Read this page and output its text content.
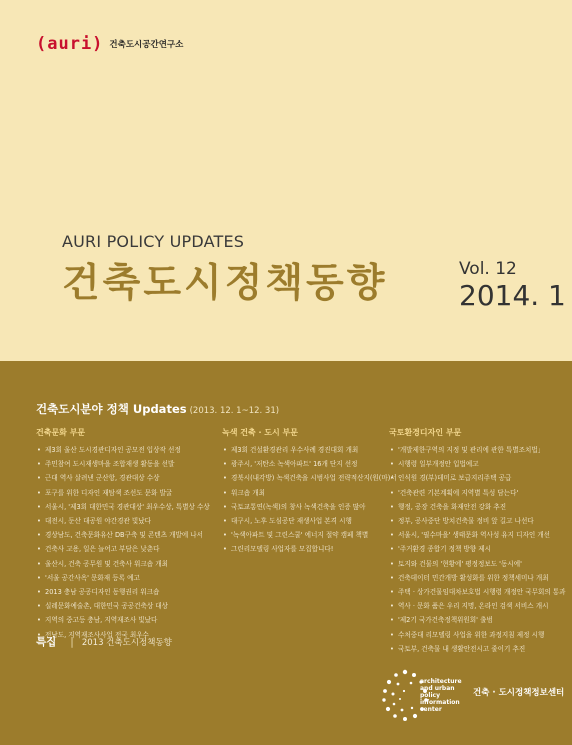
(auri) 건축도시공간연구소
AURI POLICY UPDATES
건축도시정책동향	Vol. 12
2014. 1
건축도시분야 정책 Updates (2013. 12. 1~12. 31)
건축문화 부문
• 제3회 울산 도시경관디자인 공모전 입상작 선정
• 주민참여 도시재생마을 조합재생 활동을 선발
• 근대 역사 살려낸 군산항, 경관대상 수상
• 포구를 위한 디자인 재탐색 조선도 문화 발굴
• 서울시, '제3회 대한민국 경관대상' 최우수상, 특별상 수상
• 대전시, 둔산 대공원 야간경관 빛났다
• 경상남도, 건축문화유산 DB구축 및 콘텐츠 개발에 나서
• 건축사 고용, 일은 늘어고 부담은 낮춘다
• 울산시, 건축 공무원 및 건축사 워크숍 개최
• '서울 공간사옥' 문화재 등록 예고
• 2013 충남 공공디자인 동행권리 워크숍
• 실레문화예술촌, 대한민국 공공건축상 대상
• 지역의 중고등 충남, 지역재조사 빛났다
• 전남도, 지역재조사사업 전국 최우수
녹색 건축 · 도시 부문
• 제3회 건설환경관리 우수사례 경진대회 개최
• 광주시, '저탄소 녹색아파트' 16개 단지 선정
• 경북시(내각방) 녹색건축을 시범사업 전략적산지(원(마)서
• 워크숍 개최
• 국토교통연(녹색)의 창사 녹색건축을 인증 많아
• 대구시, 노후 도심공단 재생사업 본격 시행
• '녹색아파트 및 그린스쿨' 에너지 절약 캠페 책별
• 그린리모델링 사업자를 모집합니다!
국토환경디자인 부문
• '개발제한구역의 지정 및 관리에 관한 특별조치법」
• 시행령 일부개정안 입법예고
• 인식원 경(부)데미로 보급지리주택 공급
• '건축관련 기본계획에 지역별 특성 담는다'
• 행정, 공장 건축을 화재안전 강화 추진
• 정부, 공사중단 방치건축물 정비 앞 길고 나선다
• 서울시, '필수마을' 생태문화 역사성 유지 디자인 개선
• '주거환경 종합기 정책 방향 제시
• 토지와 건물의 '현황에' 평정정보도 '동시에'
• 건축데이터 민간개방 활성화를 위한 정책세미나 개최
• 주택 · 상가건물임대차보호법 시행령 개정안 국무회의 통과
• 역사 · 문화 품은 우리 지명, 온라인 검색 서비스 개시
• '제2기 국가건축정책위원회' 출범
• 수처중대 리모델링 사업을 위한 과정지침 제정 시행
• 국토부, 건축물 내 생활안전시고 줄이기 추진
특집 | 2013 건축도시정책동향
architecture and urban policy information center
건축 · 도시정책정보센터
